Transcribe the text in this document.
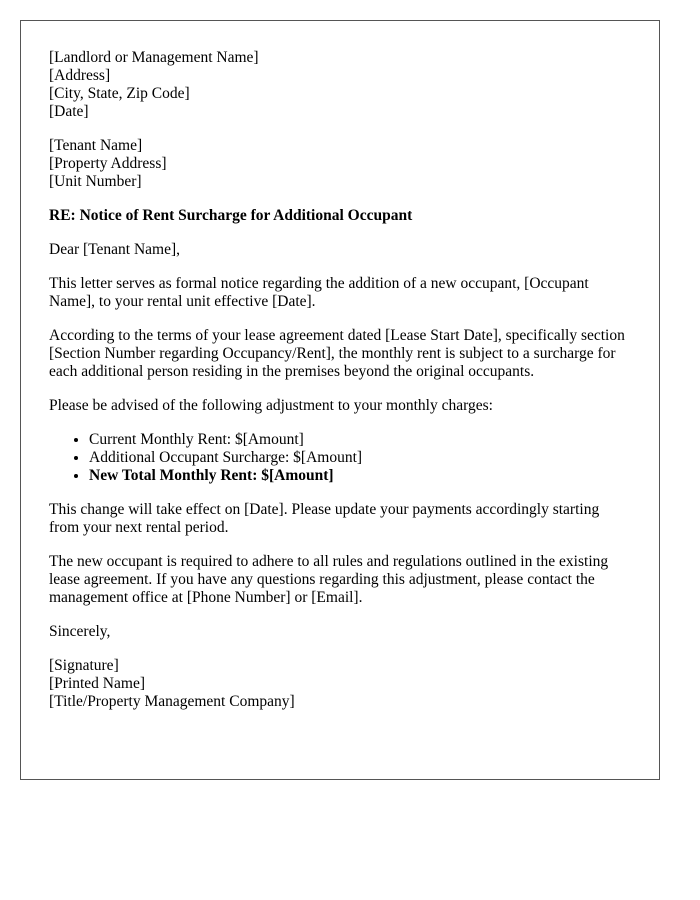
[Landlord or Management Name]
[Address]
[City, State, Zip Code]
[Date]
[Tenant Name]
[Property Address]
[Unit Number]

RE: Notice of Rent Surcharge for Additional Occupant

Dear [Tenant Name],

This letter serves as formal notice regarding the addition of a new occupant, [Occupant Name], to your rental unit effective [Date].

According to the terms of your lease agreement dated [Lease Start Date], specifically section [Section Number regarding Occupancy/Rent], the monthly rent is subject to a surcharge for each additional person residing in the premises beyond the original occupants.

Please be advised of the following adjustment to your monthly charges:

• Current Monthly Rent: $[Amount]
• Additional Occupant Surcharge: $[Amount]
• New Total Monthly Rent: $[Amount]

This change will take effect on [Date]. Please update your payments accordingly starting from your next rental period.

The new occupant is required to adhere to all rules and regulations outlined in the existing lease agreement. If you have any questions regarding this adjustment, please contact the management office at [Phone Number] or [Email].

Sincerely,

[Signature]
[Printed Name]
[Title/Property Management Company]
